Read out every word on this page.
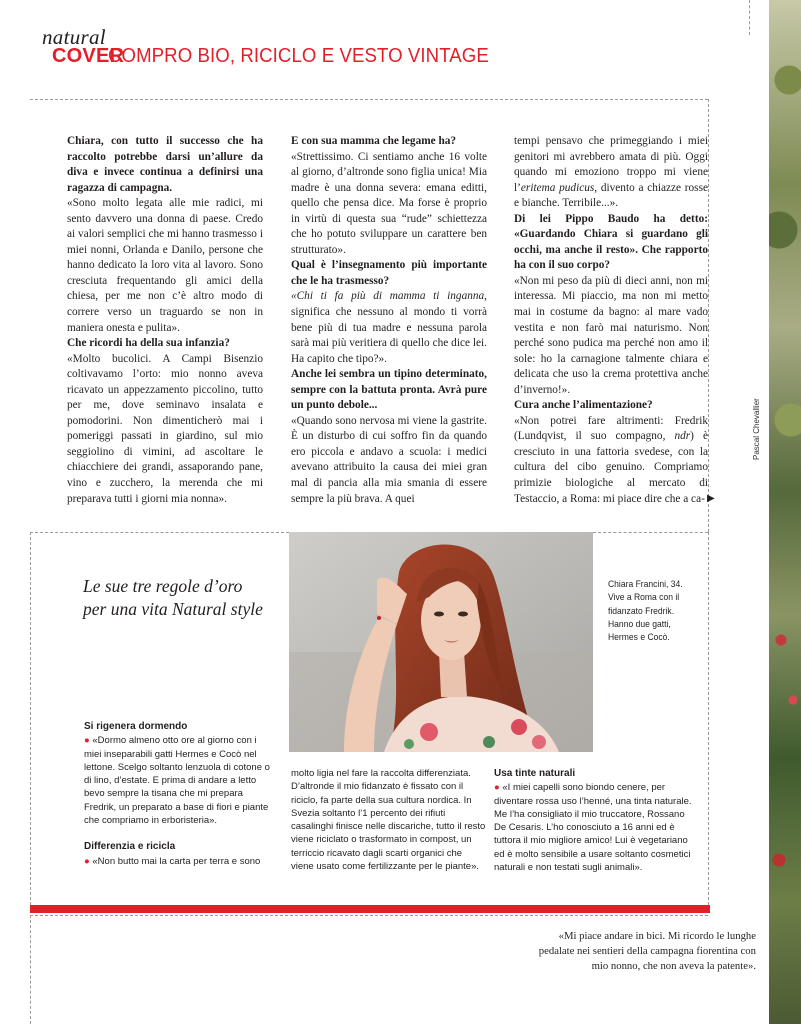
Pascal Chevallier
natural
COVER
COMPRO BIO, RICICLO E VESTO VINTAGE

Chiara, con tutto il successo che ha raccolto potrebbe darsi un’allure da diva e invece continua a definirsi una ragazza di campagna.

«Sono molto legata alle mie radici, mi sento davvero una donna di paese. Credo ai valori semplici che mi hanno trasmesso i miei nonni, Orlanda e Danilo, persone che hanno dedicato la loro vita al lavoro. Sono cresciuta frequentando gli amici della chiesa, per me non c’è altro modo di correre verso un traguardo se non in maniera onesta e pulita».

Che ricordi ha della sua infanzia?

«Molto bucolici. A Campi Bisenzio coltivavamo l’orto: mio nonno aveva ricavato un appezzamento piccolino, tutto per me, dove seminavo insalata e pomodorini. Non dimenticherò mai i pomeriggi passati in giardino, sul mio seggiolino di vimini, ad ascoltare le chiacchiere dei grandi, assaporando pane, vino e zucchero, la merenda che mi preparava tutti i giorni mia nonna».

E con sua mamma che legame ha?

«Strettissimo. Ci sentiamo anche 16 volte al giorno, d’altronde sono figlia unica! Mia madre è una donna severa: emana editti, quello che pensa dice. Ma forse è proprio in virtù di questa sua “rude” schiettezza che ho potuto sviluppare un carattere ben strutturato».

Qual è l’insegnamento più importante che le ha trasmesso?

«Chi ti fa più di mamma ti inganna, significa che nessuno al mondo ti vorrà bene più di tua madre e nessuna parola sarà mai più veritiera di quello che dice lei. Ha capito che tipo?».

Anche lei sembra un tipino determinato, sempre con la battuta pronta. Avrà pure un punto debole...

«Quando sono nervosa mi viene la gastrite. È un disturbo di cui soffro fin da quando ero piccola e andavo a scuola: i medici avevano attribuito la causa dei miei gran mal di pancia alla mia smania di essere sempre la più brava. A quei

tempi pensavo che primeggiando i miei genitori mi avrebbero amata di più. Oggi quando mi emoziono troppo mi viene l’eritema pudicus, divento a chiazze rosse e bianche. Terribile...».

Di lei Pippo Baudo ha detto: «Guardando Chiara si guardano gli occhi, ma anche il resto». Che rapporto ha con il suo corpo?

«Non mi peso da più di dieci anni, non mi interessa. Mi piaccio, ma non mi metto mai in costume da bagno: al mare vado vestita e non farò mai naturismo. Non perché sono pudica ma perché non amo il sole: ho la carnagione talmente chiara e delicata che uso la crema protettiva anche d’inverno!».

Cura anche l’alimentazione?

«Non potrei fare altrimenti: Fredrik (Lundqvist, il suo compagno, ndr) è cresciuto in una fattoria svedese, con la cultura del cibo genuino. Compriamo primizie biologiche al mercato di Testaccio, a Roma: mi piace dire che a ca- ▶
Le sue tre regole d’oro per una vita Natural style
Chiara Francini, 34. Vive a Roma con il fidanzato Fredrik. Hanno due gatti, Hermes e Cocò.
Si rigenera dormendo
● «Dormo almeno otto ore al giorno con i miei inseparabili gatti Hermes e Cocò nel lettone. Scelgo soltanto lenzuola di cotone o di lino, d’estate. E prima di andare a letto bevo sempre la tisana che mi prepara Fredrik, un preparato a base di fiori e piante che compriamo in erboristeria».
Differenzia e ricicla
● «Non butto mai la carta per terra e sono
molto ligia nel fare la raccolta differenziata. D’altronde il mio fidanzato è fissato con il riciclo, fa parte della sua cultura nordica. In Svezia soltanto l’1 percento dei rifiuti casalinghi finisce nelle discariche, tutto il resto viene riciclato o trasformato in compost, un terriccio ricavato dagli scarti organici che viene usato come fertilizzante per le piante».
Usa tinte naturali
● «I miei capelli sono biondo cenere, per diventare rossa uso l’henné, una tinta naturale. Me l’ha consigliato il mio truccatore, Rossano De Cesaris. L’ho conosciuto a 16 anni ed è tuttora il mio migliore amico! Lui è vegetariano ed è molto sensibile a usare soltanto cosmetici naturali e non testati sugli animali».
«Mi piace andare in bici. Mi ricordo le lunghe pedalate nei sentieri della campagna fiorentina con mio nonno, che non aveva la patente».
